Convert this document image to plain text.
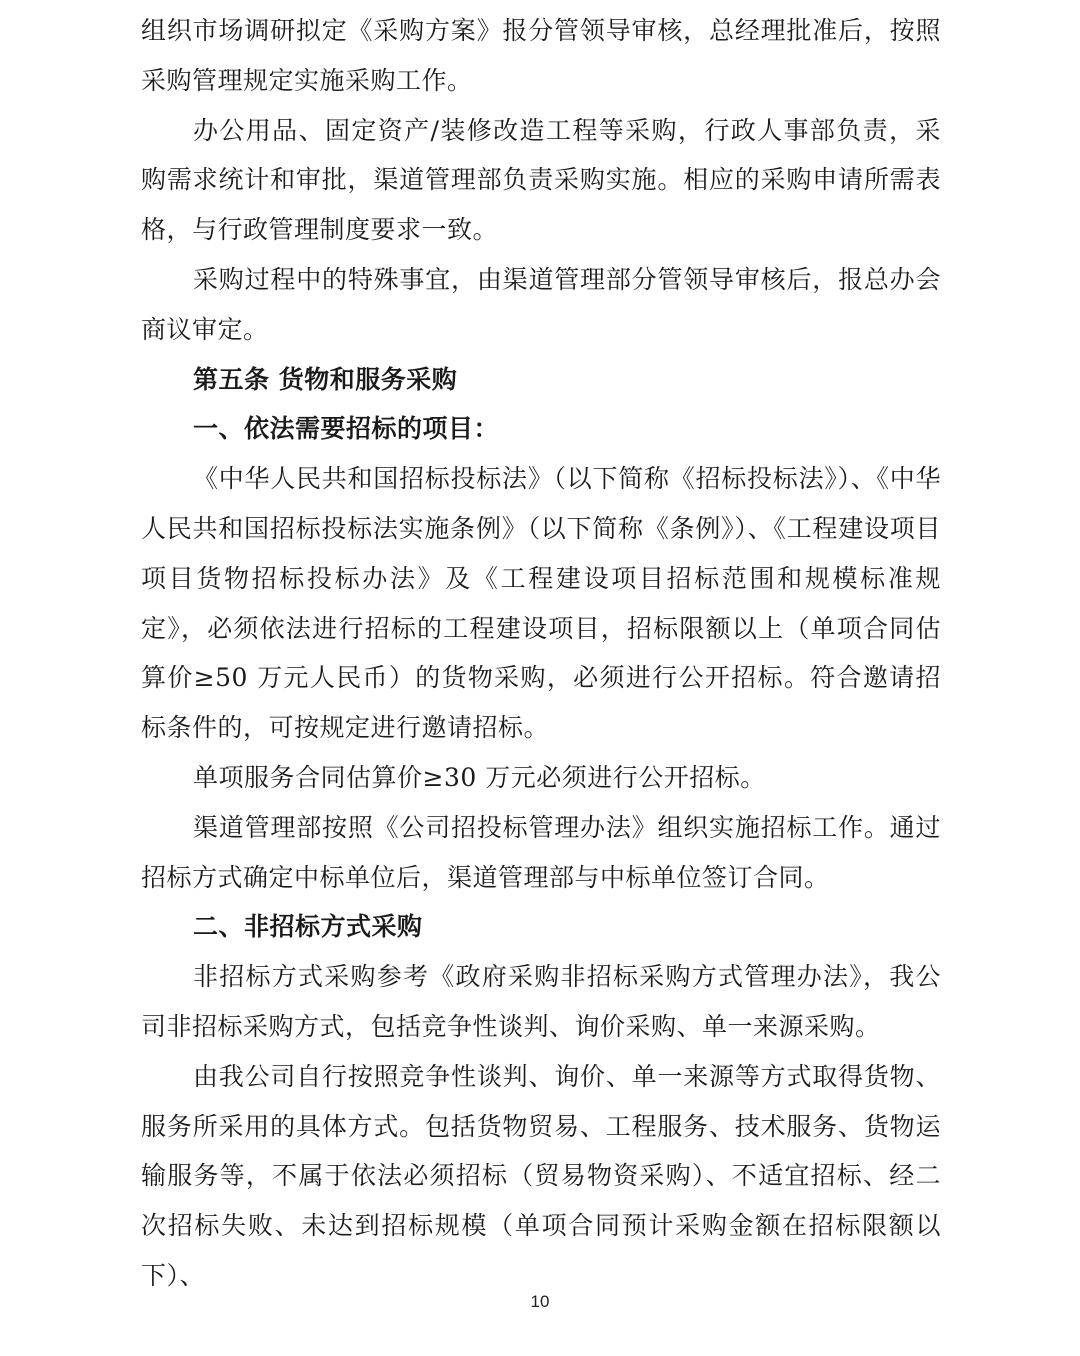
组织市场调研拟定《采购方案》报分管领导审核，总经理批准后，按照采购管理规定实施采购工作。

办公用品、固定资产/装修改造工程等采购，行政人事部负责，采购需求统计和审批，渠道管理部负责采购实施。相应的采购申请所需表格，与行政管理制度要求一致。

采购过程中的特殊事宜，由渠道管理部分管领导审核后，报总办会商议审定。

第五条 货物和服务采购

一、依法需要招标的项目：

《中华人民共和国招标投标法》（以下简称《招标投标法》）、《中华人民共和国招标投标法实施条例》（以下简称《条例》）、《工程建设项目项目货物招标投标办法》及《工程建设项目招标范围和规模标准规定》，必须依法进行招标的工程建设项目，招标限额以上（单项合同估算价≥50 万元人民币）的货物采购，必须进行公开招标。符合邀请招标条件的，可按规定进行邀请招标。

单项服务合同估算价≥30 万元必须进行公开招标。

渠道管理部按照《公司招投标管理办法》组织实施招标工作。通过招标方式确定中标单位后，渠道管理部与中标单位签订合同。

二、非招标方式采购

非招标方式采购参考《政府采购非招标采购方式管理办法》，我公司非招标采购方式，包括竞争性谈判、询价采购、单一来源采购。

由我公司自行按照竞争性谈判、询价、单一来源等方式取得货物、服务所采用的具体方式。包括货物贸易、工程服务、技术服务、货物运输服务等，不属于依法必须招标（贸易物资采购）、不适宜招标、经二次招标失败、未达到招标规模（单项合同预计采购金额在招标限额以下）、

10
